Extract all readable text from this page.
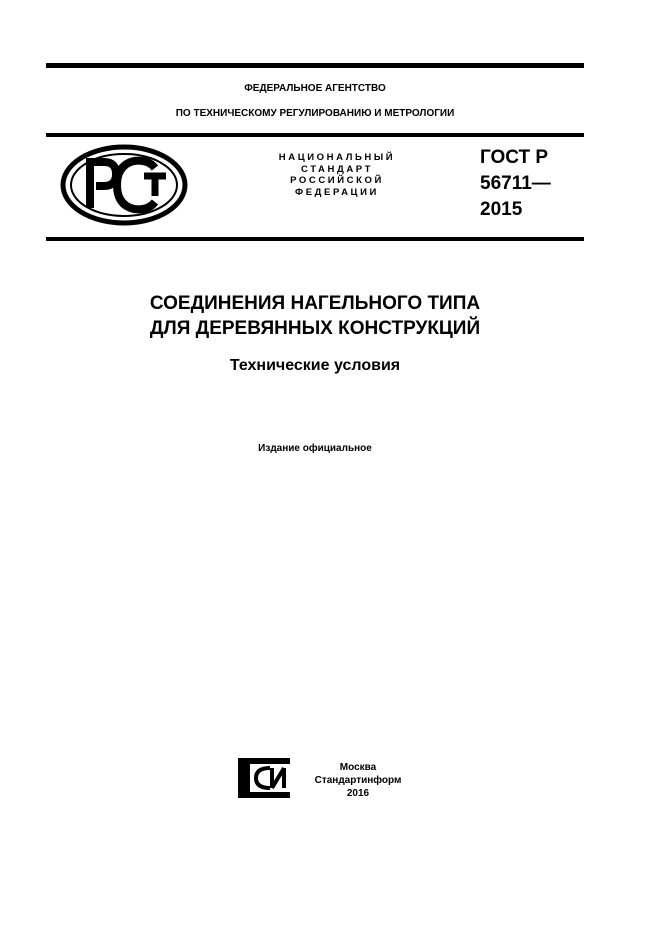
ФЕДЕРАЛЬНОЕ АГЕНТСТВО
ПО ТЕХНИЧЕСКОМУ РЕГУЛИРОВАНИЮ И МЕТРОЛОГИИ
НАЦИОНАЛЬНЫЙ
СТАНДАРТ
РОССИЙСКОЙ
ФЕДЕРАЦИИ
ГОСТ Р
56711—
2015
СОЕДИНЕНИЯ НАГЕЛЬНОГО ТИПА
ДЛЯ ДЕРЕВЯННЫХ КОНСТРУКЦИЙ
Технические условия
Издание официальное
Москва
Стандартинформ
2016
